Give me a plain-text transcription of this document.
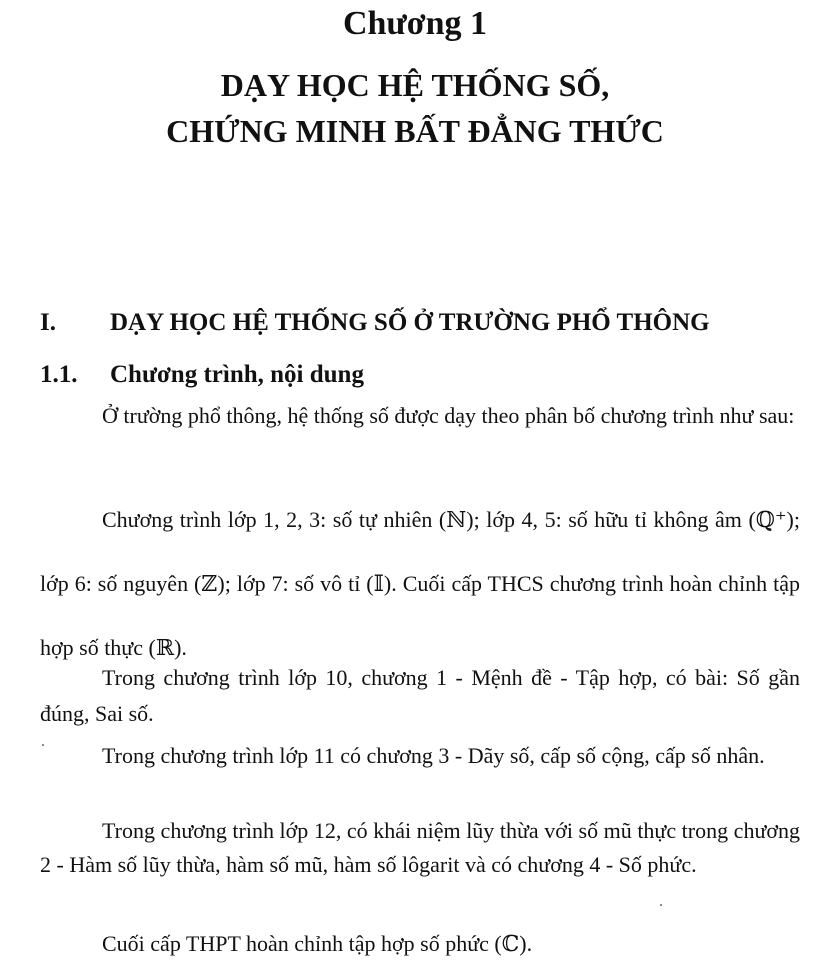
Chương 1
DẠY HỌC HỆ THỐNG SỐ,
CHỨNG MINH BẤT ĐẲNG THỨC
I. DẠY HỌC HỆ THỐNG SỐ Ở TRƯỜNG PHỔ THÔNG
1.1. Chương trình, nội dung
Ở trường phổ thông, hệ thống số được dạy theo phân bố chương trình như sau:
Chương trình lớp 1, 2, 3: số tự nhiên (ℕ); lớp 4, 5: số hữu tỉ không âm (ℚ⁺); lớp 6: số nguyên (ℤ); lớp 7: số vô tỉ (𝕀). Cuối cấp THCS chương trình hoàn chỉnh tập hợp số thực (ℝ).
Trong chương trình lớp 10, chương 1 - Mệnh đề - Tập hợp, có bài: Số gần đúng, Sai số.
Trong chương trình lớp 11 có chương 3 - Dãy số, cấp số cộng, cấp số nhân.
Trong chương trình lớp 12, có khái niệm lũy thừa với số mũ thực trong chương 2 - Hàm số lũy thừa, hàm số mũ, hàm số lôgarit và có chương 4 - Số phức.
Cuối cấp THPT hoàn chỉnh tập hợp số phức (ℂ).
